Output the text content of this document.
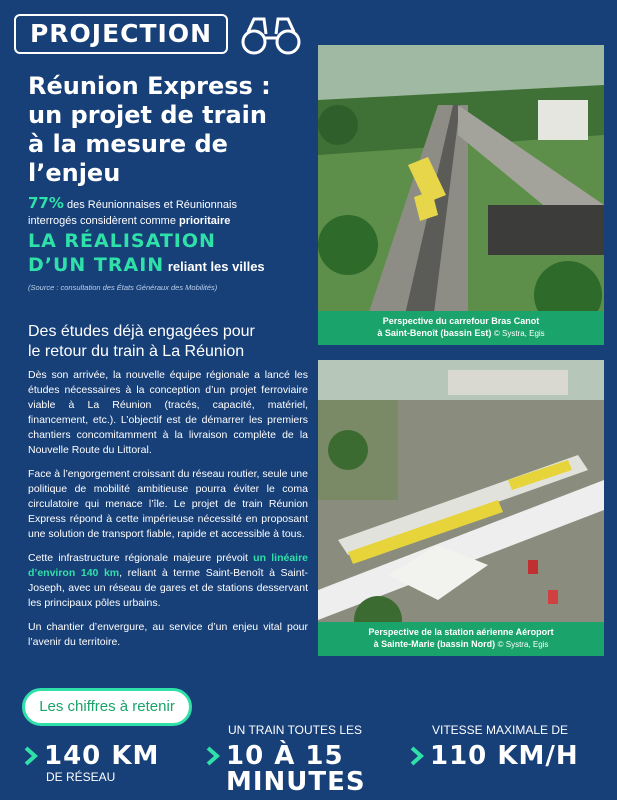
PROJECTION
Réunion Express :
un projet de train
à la mesure de l’enjeu
77% des Réunionnaises et Réunionnais
interrogés considèrent comme prioritaire
LA RÉALISATION
D’UN TRAIN reliant les villes
(Source : consultation des États Généraux des Mobilités)
Des études déjà engagées pour
le retour du train à La Réunion

Dès son arrivée, la nouvelle équipe régionale a lancé les études nécessaires à la conception d’un projet ferroviaire viable à La Réunion (tracés, capacité, matériel, financement, etc.). L’objectif est de démarrer les premiers chantiers concomitamment à la livraison complète de la Nouvelle Route du Littoral.

Face à l’engorgement croissant du réseau routier, seule une politique de mobilité ambitieuse pourra éviter le coma circulatoire qui menace l’île. Le projet de train Réunion Express répond à cette impérieuse nécessité en proposant une solution de transport fiable, rapide et accessible à tous.

Cette infrastructure régionale majeure prévoit un linéaire d’environ 140 km, reliant à terme Saint-Benoît à Saint-Joseph, avec un réseau de gares et de stations desservant les principaux pôles urbains.

Un chantier d’envergure, au service d’un enjeu vital pour l’avenir du territoire.

Perspective du carrefour Bras Canot
à Saint-Benoît (bassin Est) © Systra, Egis
Perspective de la station aérienne Aéroport
à Sainte-Marie (bassin Nord) © Systra, Egis
Les chiffres à retenir
140 KM
DE RÉSEAU
UN TRAIN TOUTES LES
10 À 15
MINUTES
VITESSE MAXIMALE DE
110 KM/H
